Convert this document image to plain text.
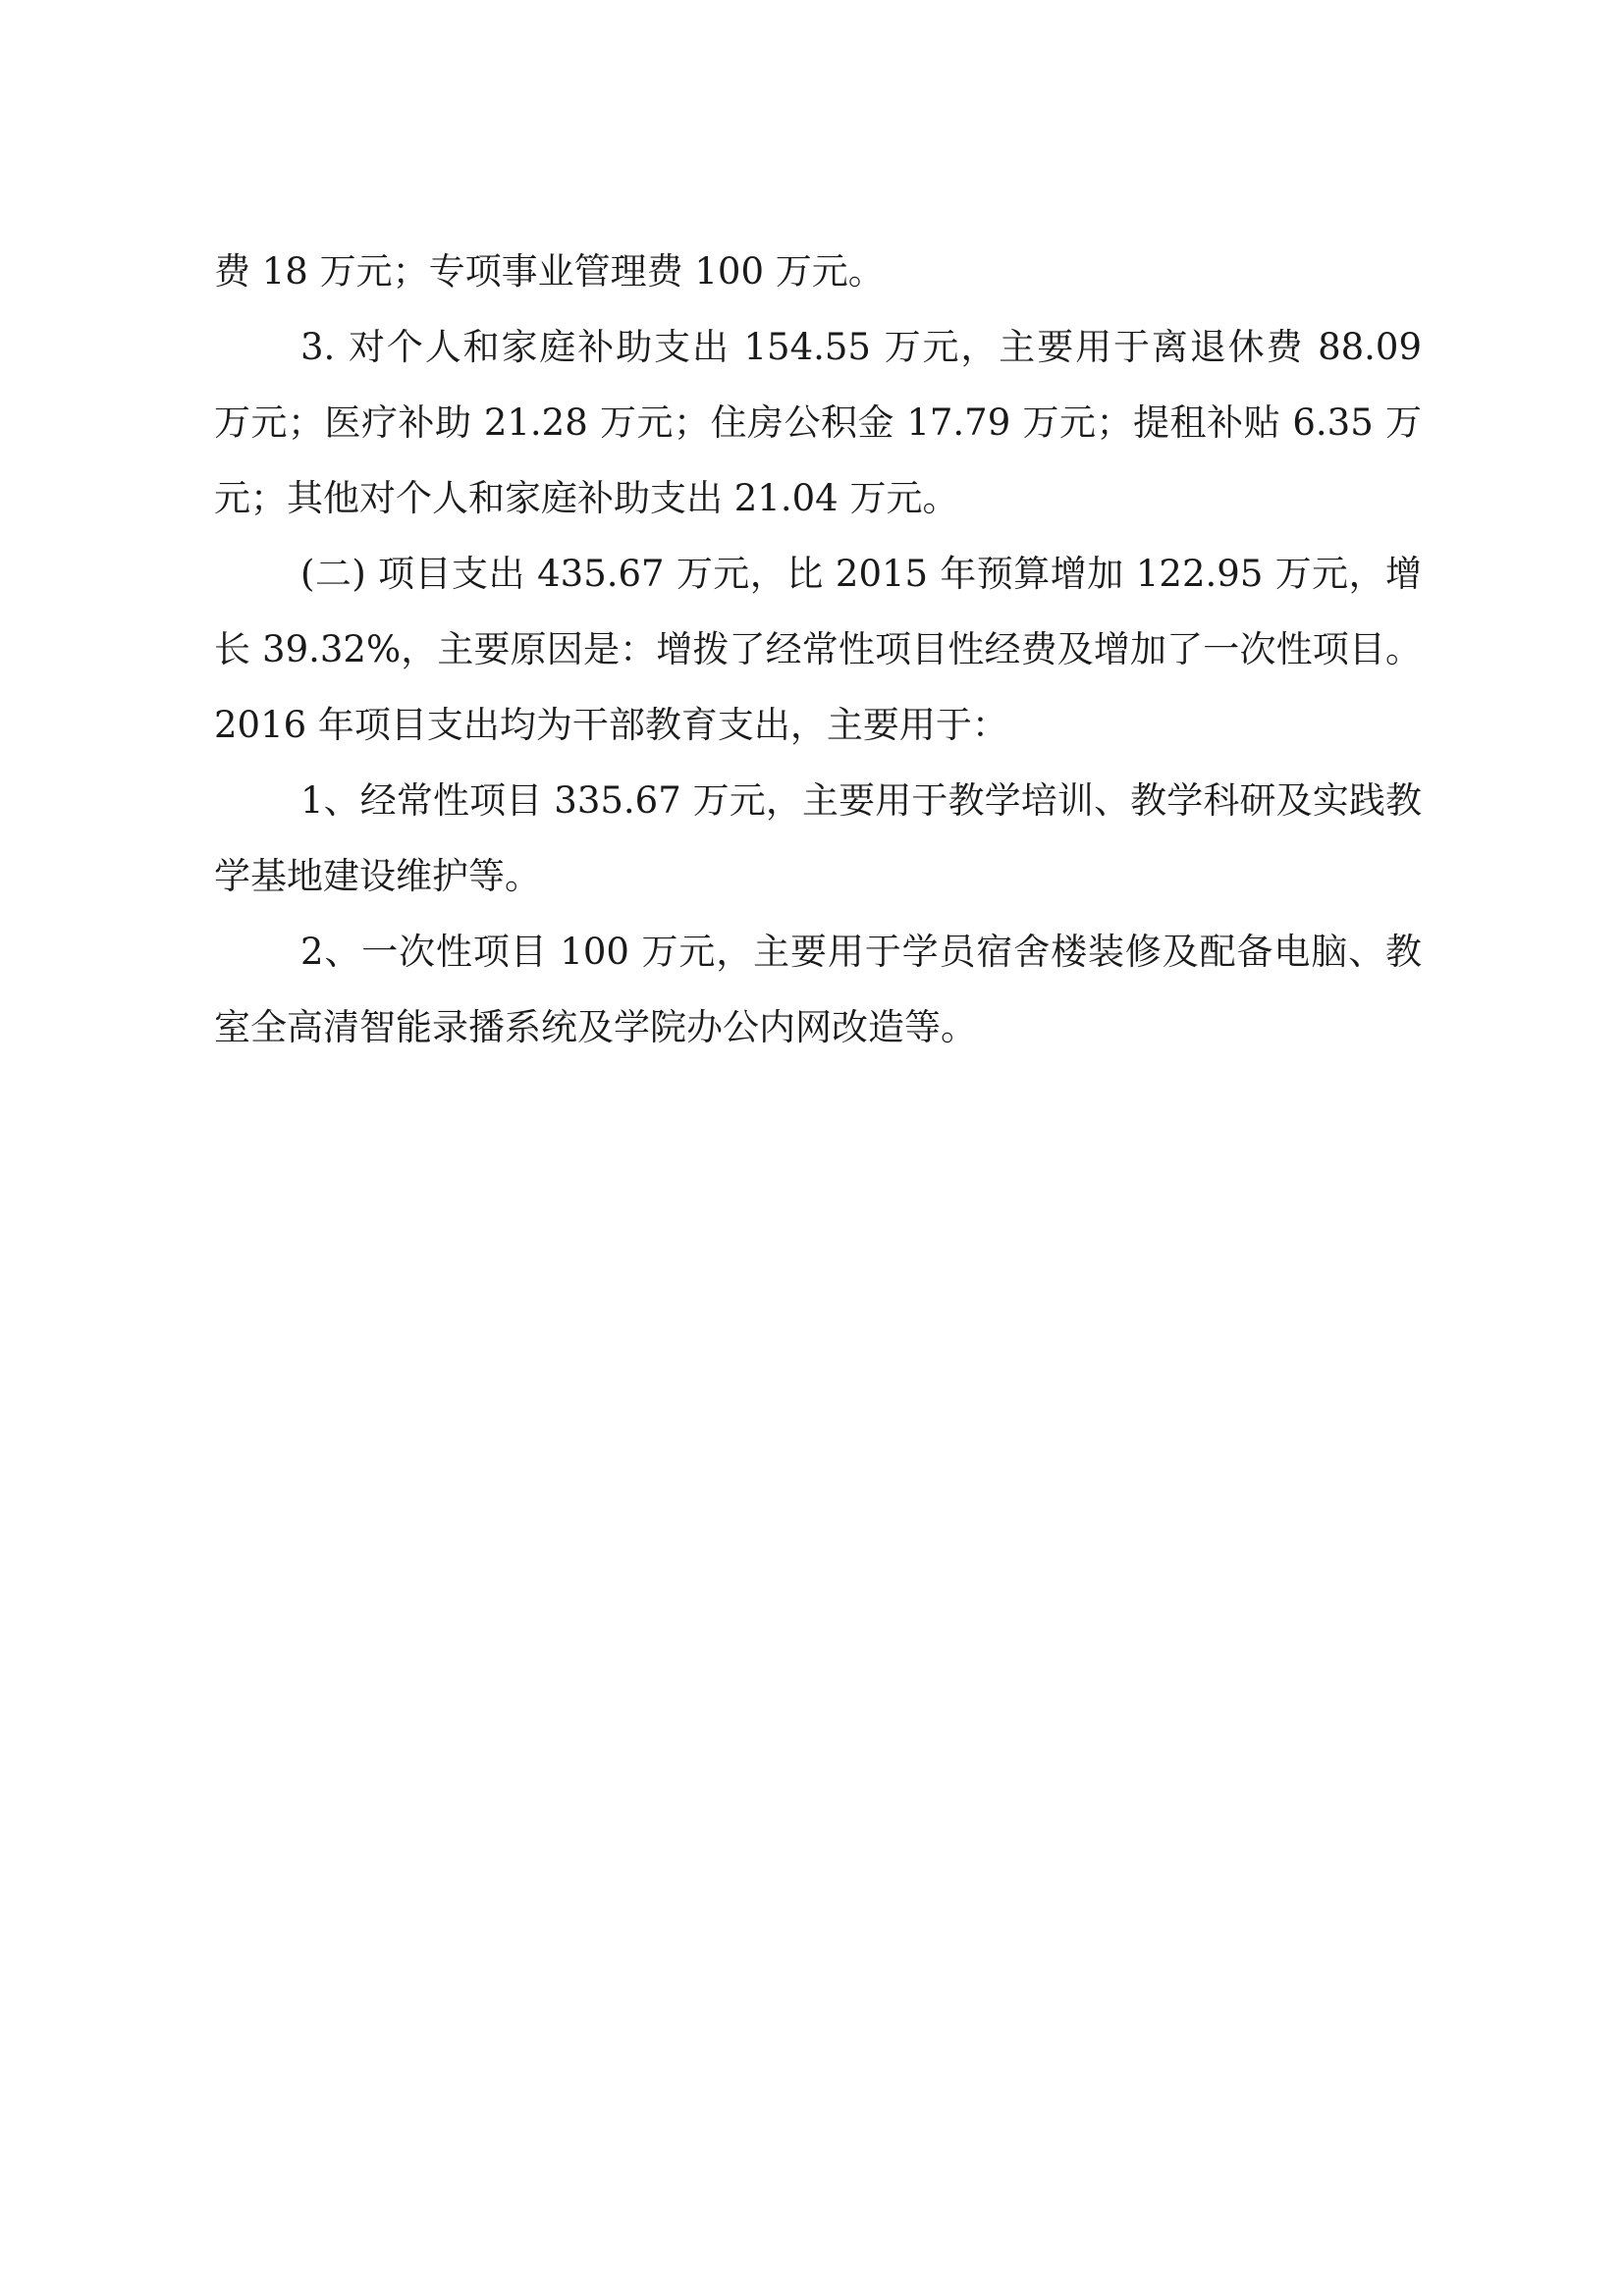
费 18 万元；专项事业管理费 100 万元。

3. 对个人和家庭补助支出 154.55 万元，主要用于离退休费 88.09 万元；医疗补助 21.28 万元；住房公积金 17.79 万元；提租补贴 6.35 万元；其他对个人和家庭补助支出 21.04 万元。

(二) 项目支出 435.67 万元，比 2015 年预算增加 122.95 万元，增长 39.32%，主要原因是：增拨了经常性项目性经费及增加了一次性项目。2016 年项目支出均为干部教育支出，主要用于：

1、经常性项目 335.67 万元，主要用于教学培训、教学科研及实践教学基地建设维护等。

2、一次性项目 100 万元，主要用于学员宿舍楼装修及配备电脑、教室全高清智能录播系统及学院办公内网改造等。
